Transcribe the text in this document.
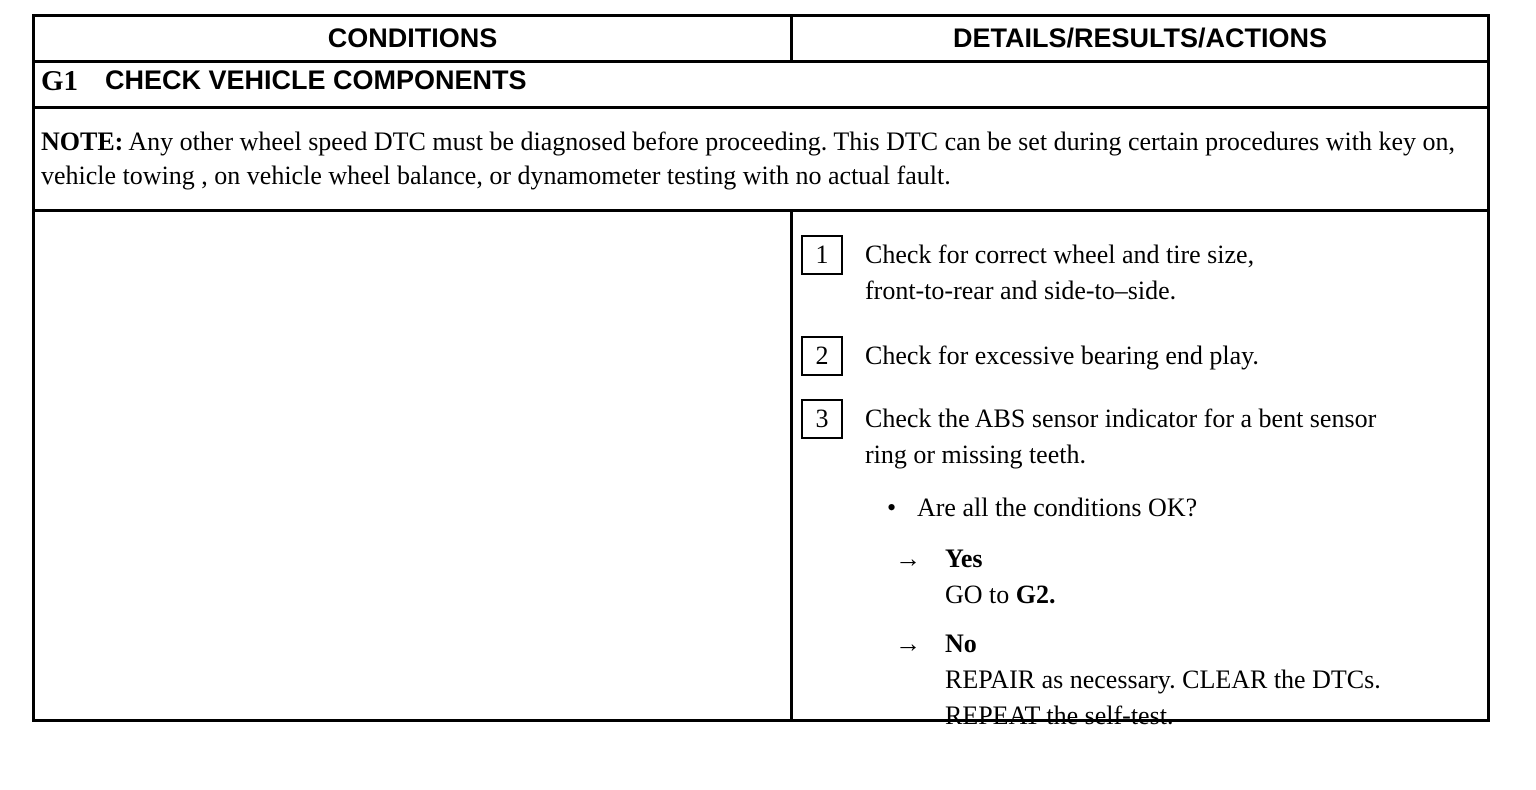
CONDITIONS	DETAILS/RESULTS/ACTIONS
G1 CHECK VEHICLE COMPONENTS
NOTE: Any other wheel speed DTC must be diagnosed before proceeding. This DTC can be set during certain procedures with key on, vehicle towing , on vehicle wheel balance, or dynamometer testing with no actual fault.
1	Check for correct wheel and tire size,
front-to-rear and side-to–side.
2	Check for excessive bearing end play.
3	Check the ABS sensor indicator for a bent sensor
ring or missing teeth.
• Are all the conditions OK?
→ Yes
GO to G2.
→ No
REPAIR as necessary. CLEAR the DTCs.
REPEAT the self-test.
